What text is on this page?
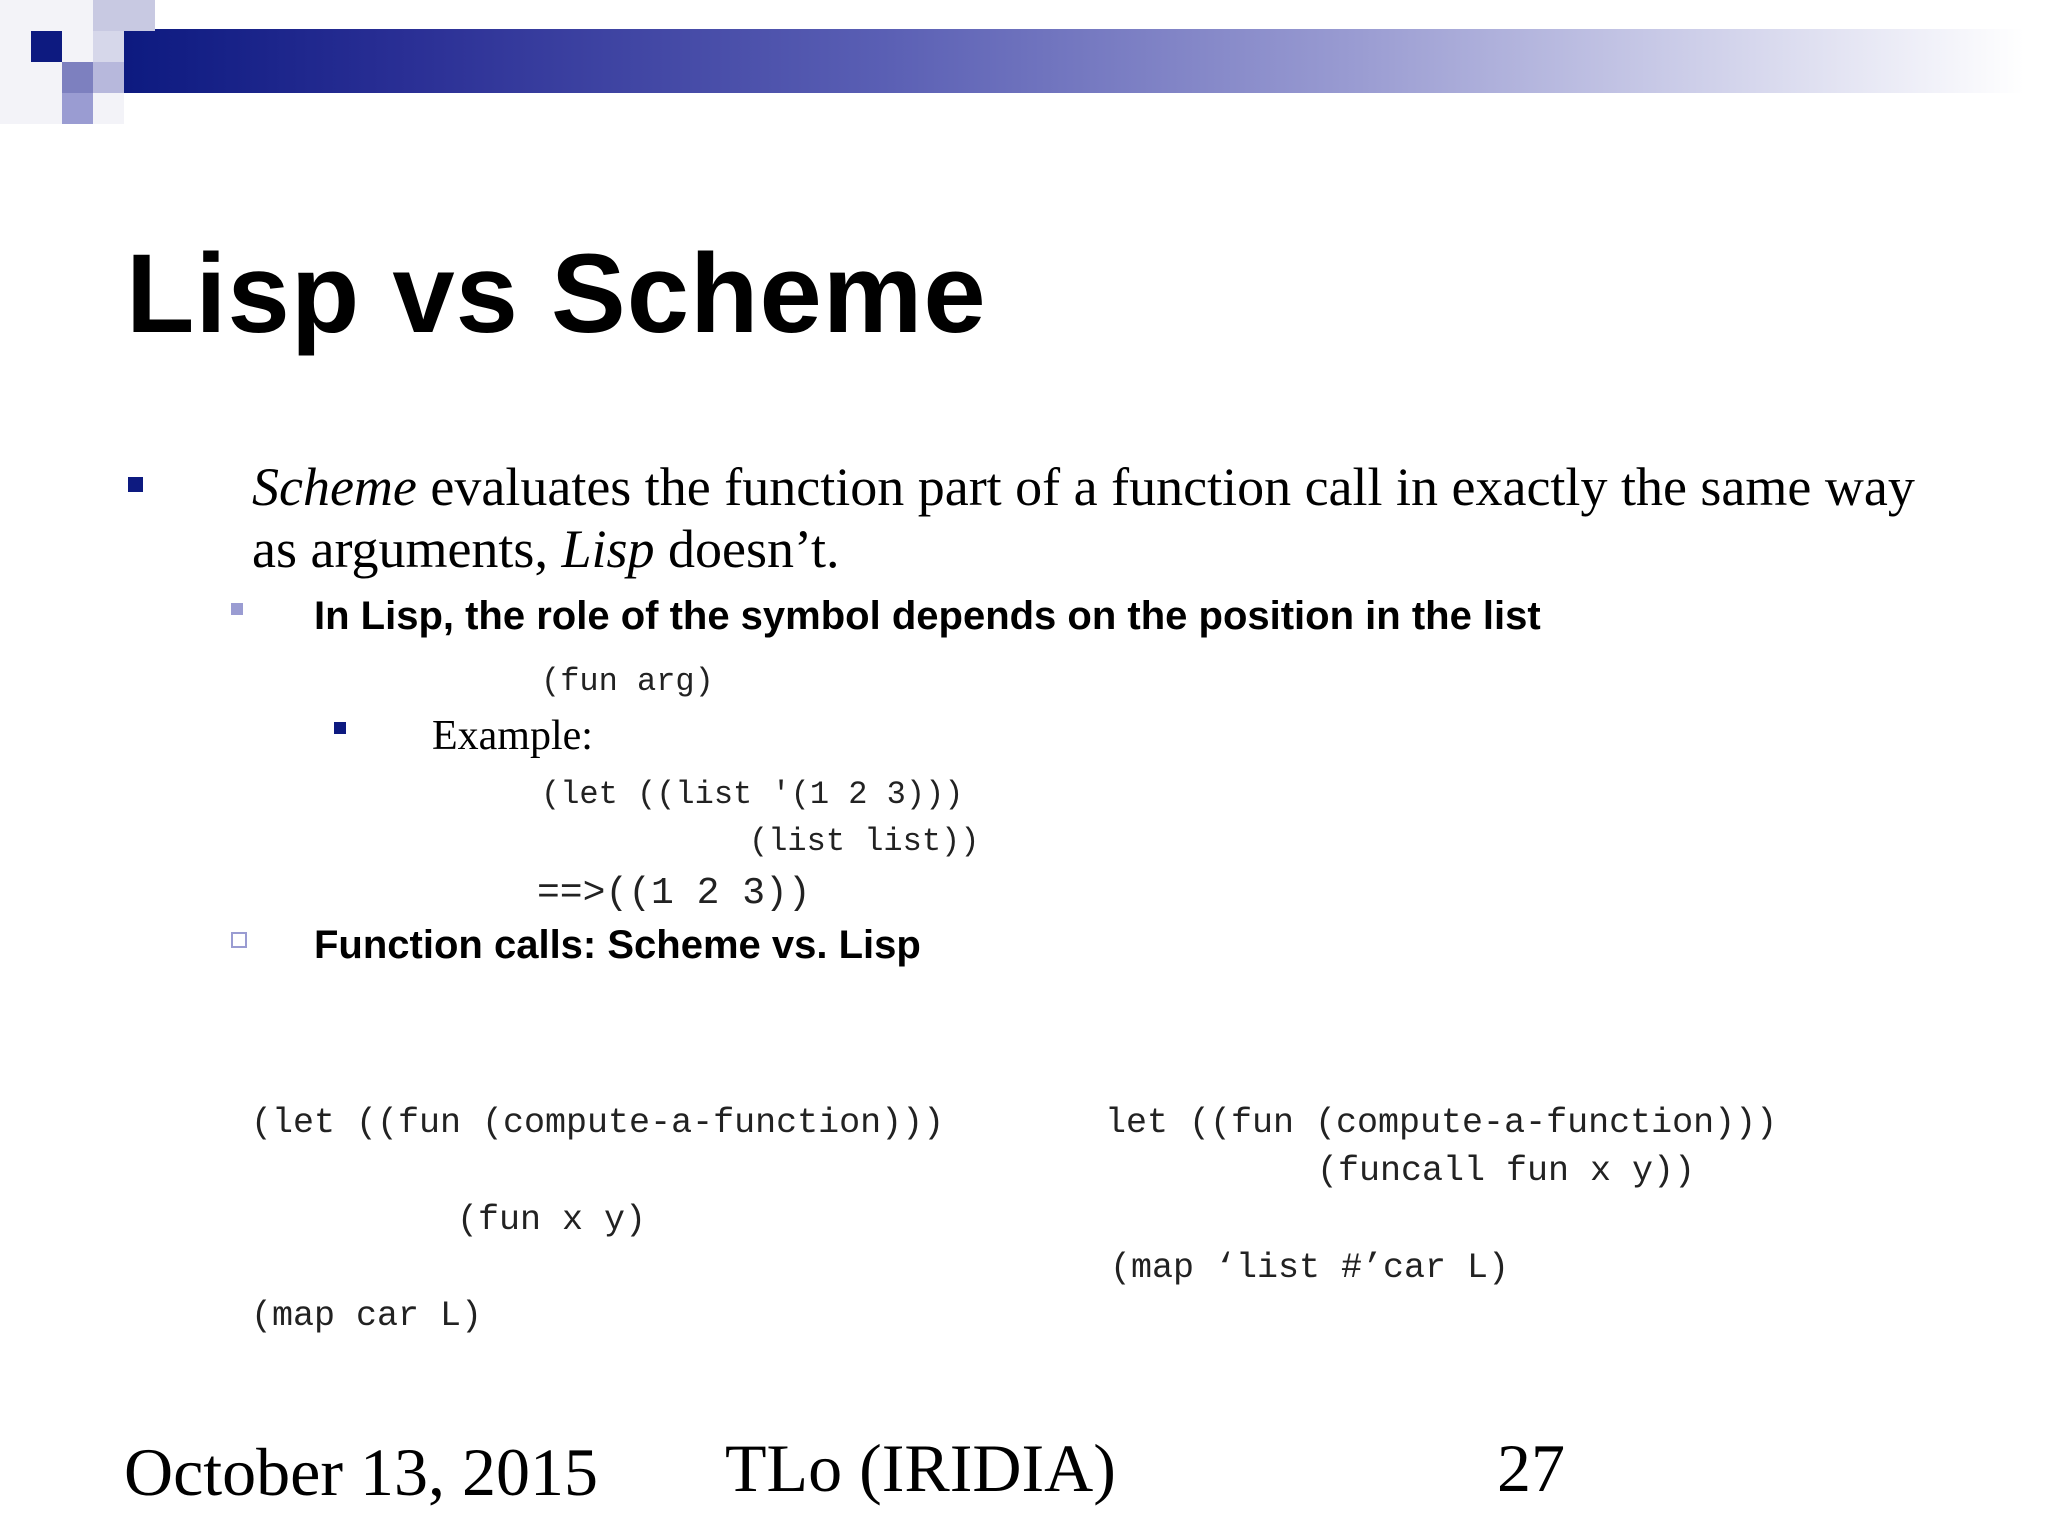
Lisp vs Scheme
Scheme evaluates the function part of a function call in exactly the same way as arguments, Lisp doesn’t.
In Lisp, the role of the symbol depends on the position in the list
(fun arg)
Example:
(let ((list '(1 2 3)))
(list list))
==>((1 2 3))
Function calls: Scheme vs. Lisp
(let ((fun (compute-a-function)))
(fun x y)
(map car L)
let ((fun (compute-a-function)))
(funcall fun x y))
(map ‘list #’car L)
October 13, 2015 TLo (IRIDIA)	27
